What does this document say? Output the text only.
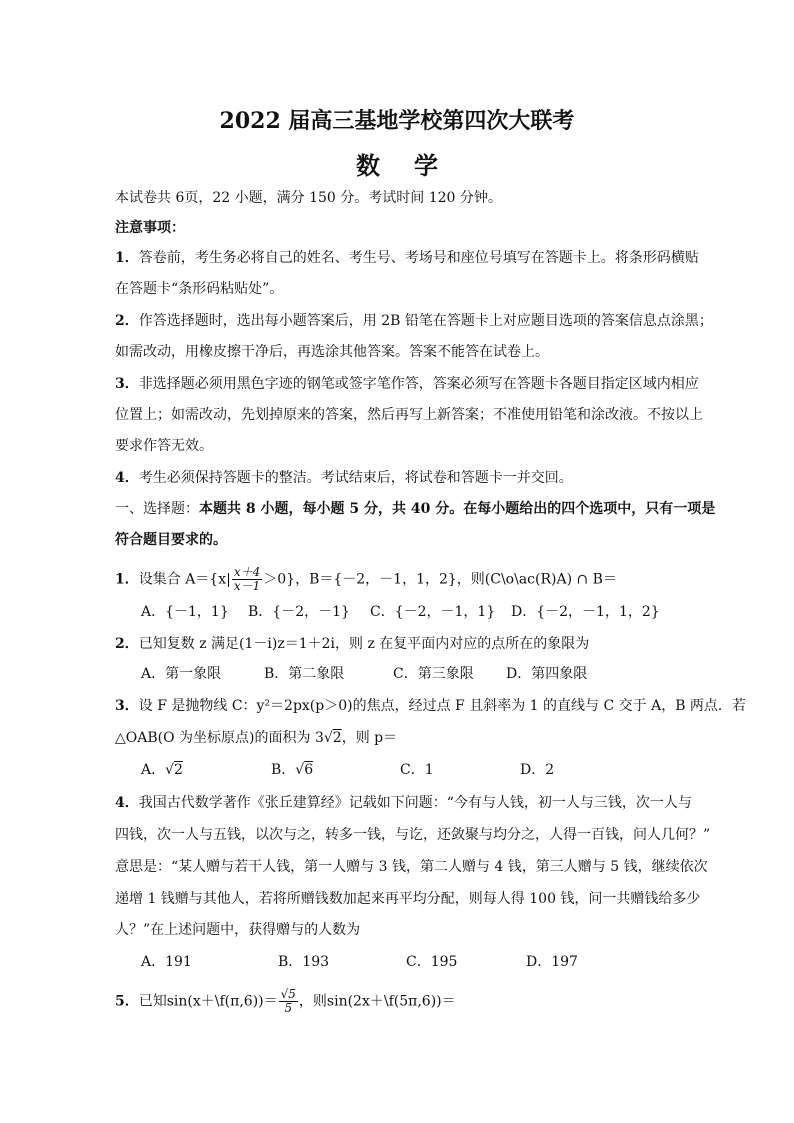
2022 届高三基地学校第四次大联考
数学
本试卷共 6页，22 小题，满分 150 分。考试时间 120 分钟。
注意事项：
1．答卷前，考生务必将自己的姓名、考生号、考场号和座位号填写在答题卡上。将条形码横贴
在答题卡“条形码粘贴处”。
2．作答选择题时，选出每小题答案后，用 2B 铅笔在答题卡上对应题目选项的答案信息点涂黑；
如需改动，用橡皮擦干净后，再选涂其他答案。答案不能答在试卷上。
3．非选择题必须用黑色字迹的钢笔或签字笔作答，答案必须写在答题卡各题目指定区域内相应
位置上；如需改动，先划掉原来的答案，然后再写上新答案；不准使用铅笔和涂改液。不按以上
要求作答无效。
4．考生必须保持答题卡的整洁。考试结束后，将试卷和答题卡一并交回。
一、选择题：本题共 8 小题，每小题 5 分，共 40 分。在每小题给出的四个选项中，只有一项是
符合题目要求的。
1．设集合 $A=\{x| \frac{x+4}{x-1} >0\}$，B＝{－2，－1，1，2}，则(C\o\ac(R)A) ∩ B＝
A．{－1，1} B．{－2，－1} C．{－2，－1，1} D．{－2，－1，1，2}
2．已知复数 z 满足(1－i)z＝1＋2i，则 z 在复平面内对应的点所在的象限为
A．第一象限	B．第二象限	C．第三象限 D．第四象限
3．设 F 是抛物线 C：y²＝2px(p＞0)的焦点，经过点 F 且斜率为 1 的直线与 C 交于 A，B 两点．若
△OAB(O 为坐标原点)的面积为 3√2，则 p＝
A．√2	B．√6	C．1	D．2
4．我国古代数学著作《张丘建算经》记载如下问题：“今有与人钱，初一人与三钱，次一人与
四钱，次一人与五钱，以次与之，转多一钱，与讫，还敛聚与均分之，人得一百钱，问人几何？”
意思是：“某人赠与若干人钱，第一人赠与 3 钱，第二人赠与 4 钱，第三人赠与 5 钱，继续依次
递增 1 钱赠与其他人，若将所赠钱数加起来再平均分配，则每人得 100 钱，问一共赠钱给多少
人？”在上述问题中，获得赠与的人数为
A．191	B．193	C．195	D．197
5．已知sin(x＋\f(π,6))＝ $\frac{√5}{5}$ ，则sin(2x＋\f(5π,6))＝
